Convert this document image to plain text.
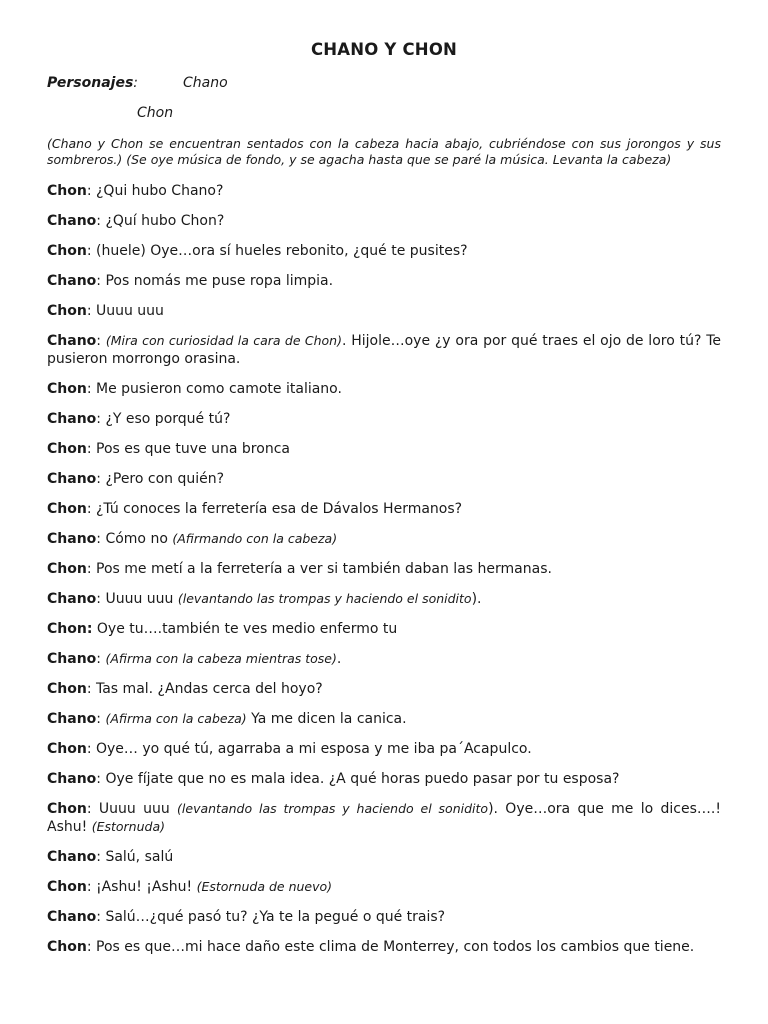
CHANO Y CHON
Personajes:	Chano
Chon
(Chano y Chon se encuentran sentados con la cabeza hacia abajo, cubriéndose con sus jorongos y sus sombreros.) (Se oye música de fondo, y se agacha hasta que se paré la música. Levanta la cabeza)
Chon: ¿Qui hubo Chano?
Chano: ¿Quí hubo Chon?
Chon: (huele) Oye…ora sí hueles rebonito, ¿qué te pusites?
Chano: Pos nomás me puse ropa limpia.
Chon: Uuuu uuu
Chano: (Mira con curiosidad la cara de Chon). Hijole…oye ¿y ora por qué traes el ojo de loro tú? Te pusieron morrongo orasina.
Chon: Me pusieron como camote italiano.
Chano: ¿Y eso porqué tú?
Chon: Pos es que tuve una bronca
Chano: ¿Pero con quién?
Chon: ¿Tú conoces la ferretería esa de Dávalos Hermanos?
Chano: Cómo no (Afirmando con la cabeza)
Chon: Pos me metí a la ferretería a ver si también daban las hermanas.
Chano: Uuuu uuu (levantando las trompas y haciendo el sonidito).
Chon: Oye tu….también te ves medio enfermo tu
Chano: (Afirma con la cabeza mientras tose).
Chon: Tas mal. ¿Andas cerca del hoyo?
Chano: (Afirma con la cabeza) Ya me dicen la canica.
Chon: Oye… yo qué tú, agarraba a mi esposa y me iba pa´Acapulco.
Chano: Oye fíjate que no es mala idea. ¿A qué horas puedo pasar por tu esposa?
Chon: Uuuu uuu (levantando las trompas y haciendo el sonidito). Oye…ora que me lo dices….! Ashu! (Estornuda)
Chano: Salú, salú
Chon: ¡Ashu! ¡Ashu! (Estornuda de nuevo)
Chano: Salú…¿qué pasó tu? ¿Ya te la pegué o qué trais?
Chon: Pos es que…mi hace daño este clima de Monterrey, con todos los cambios que tiene.
